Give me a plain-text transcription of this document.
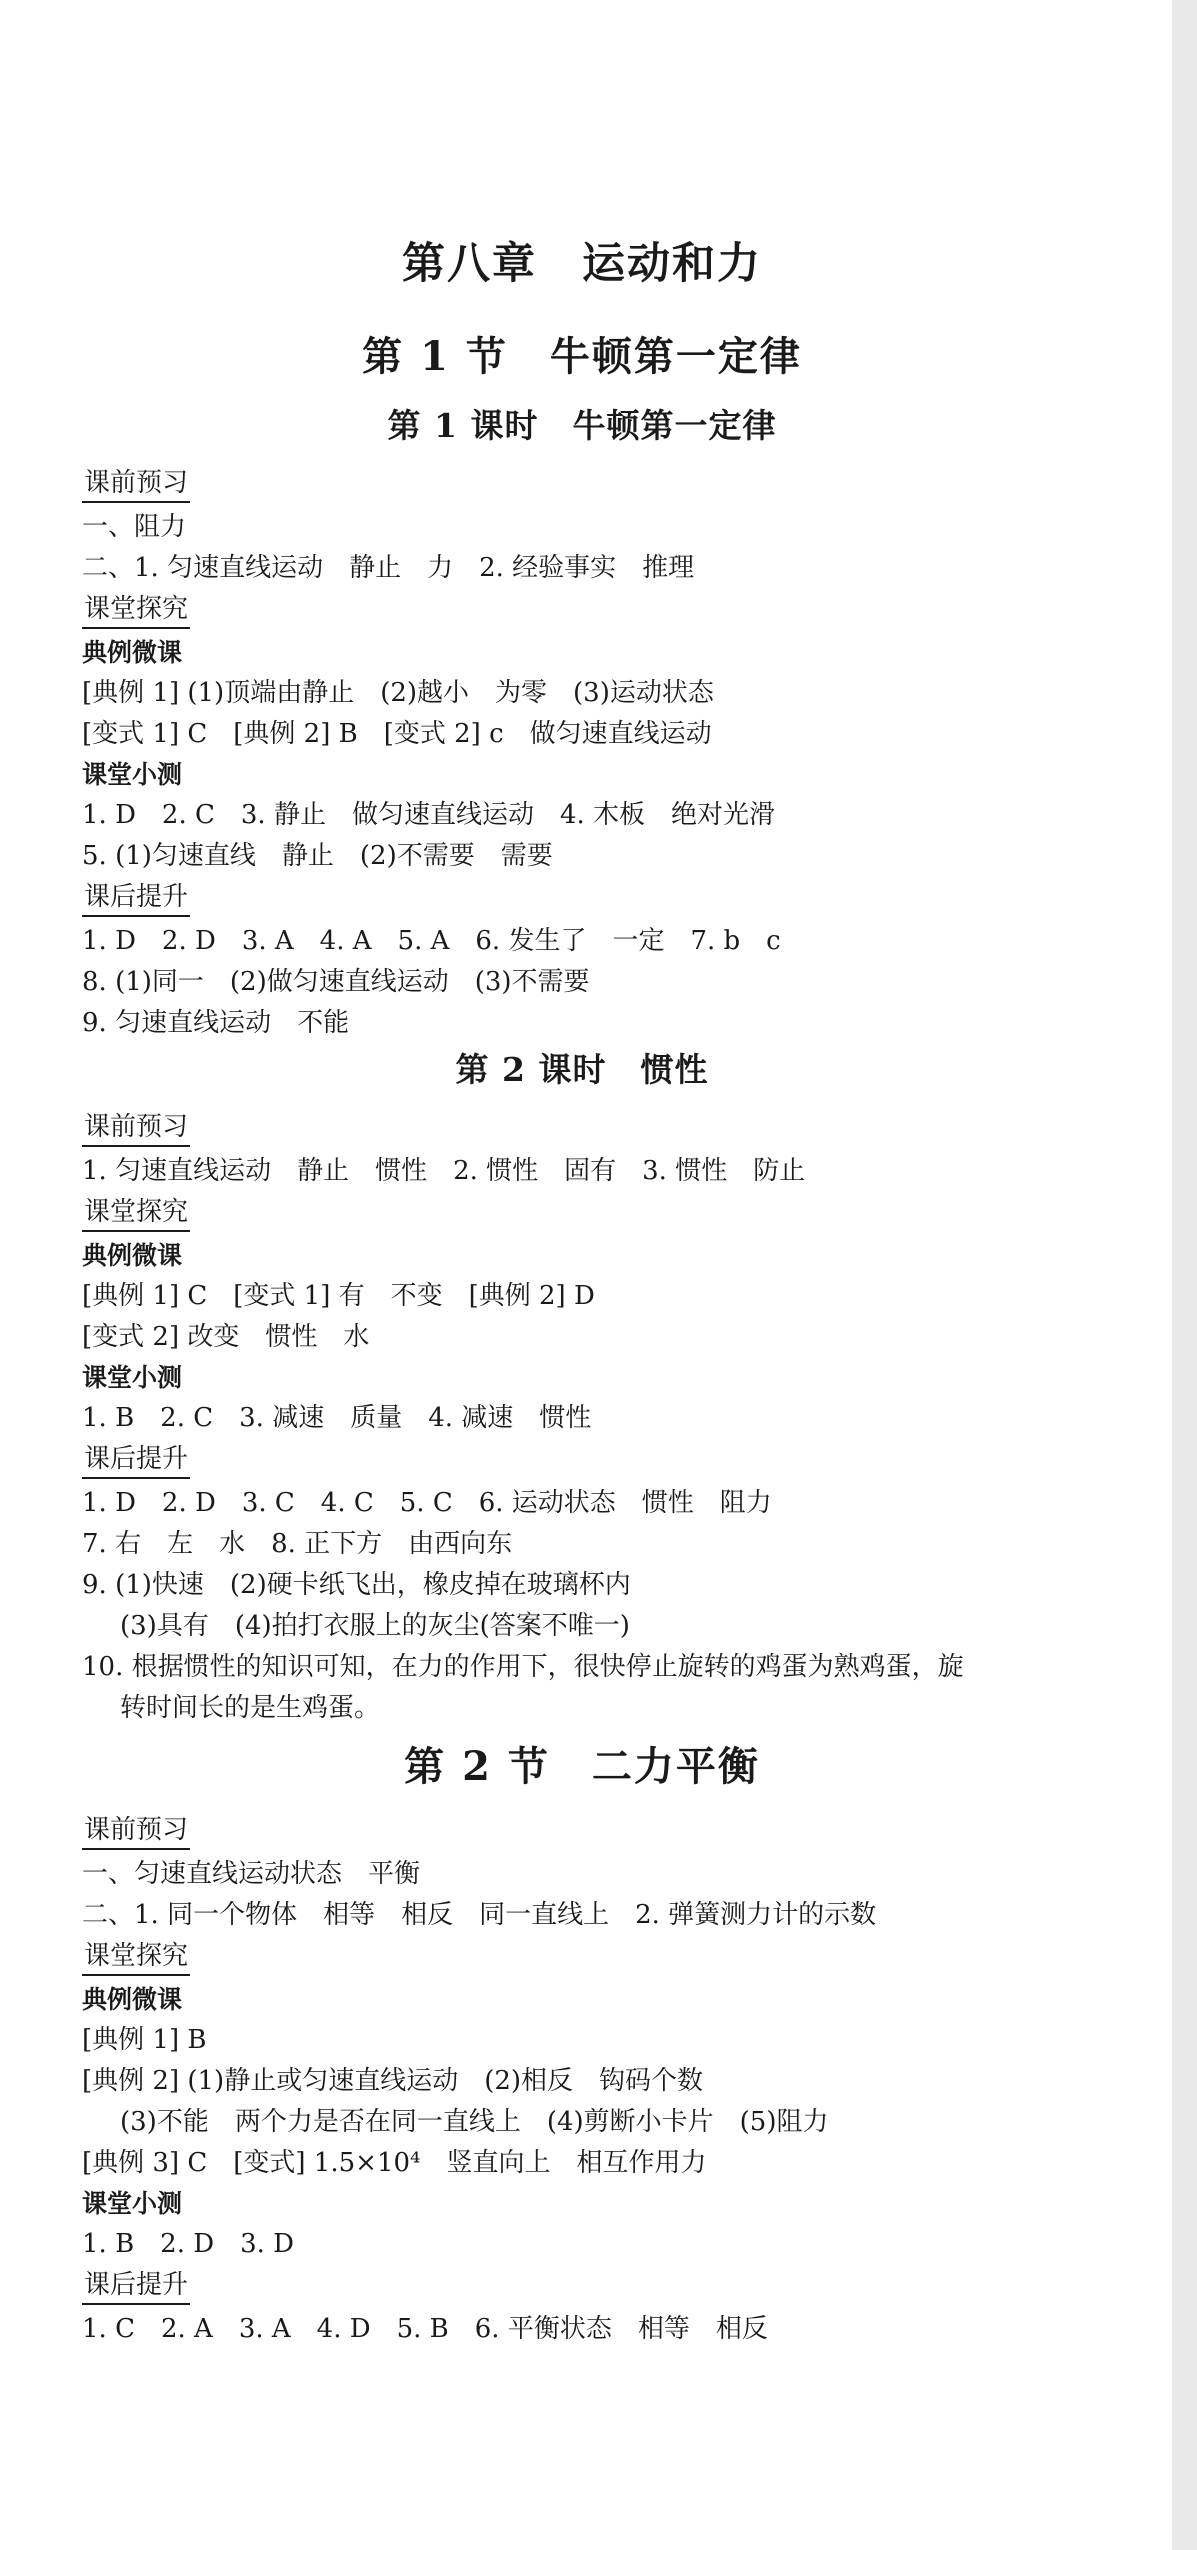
第八章　运动和力
第 1 节　牛顿第一定律
第 1 课时　牛顿第一定律
课前预习
一、阻力
二、1. 匀速直线运动　静止　力　2. 经验事实　推理
课堂探究
典例微课
[典例 1] (1)顶端由静止　(2)越小　为零　(3)运动状态
[变式 1] C　[典例 2] B　[变式 2] c　做匀速直线运动
课堂小测
1. D　2. C　3. 静止　做匀速直线运动　4. 木板　绝对光滑
5. (1)匀速直线　静止　(2)不需要　需要
课后提升
1. D　2. D　3. A　4. A　5. A　6. 发生了　一定　7. b　c
8. (1)同一　(2)做匀速直线运动　(3)不需要
9. 匀速直线运动　不能
第 2 课时　惯性
课前预习
1. 匀速直线运动　静止　惯性　2. 惯性　固有　3. 惯性　防止
课堂探究
典例微课
[典例 1] C　[变式 1] 有　不变　[典例 2] D
[变式 2] 改变　惯性　水
课堂小测
1. B　2. C　3. 减速　质量　4. 减速　惯性
课后提升
1. D　2. D　3. C　4. C　5. C　6. 运动状态　惯性　阻力
7. 右　左　水　8. 正下方　由西向东
9. (1)快速　(2)硬卡纸飞出，橡皮掉在玻璃杯内
(3)具有　(4)拍打衣服上的灰尘(答案不唯一)
10. 根据惯性的知识可知，在力的作用下，很快停止旋转的鸡蛋为熟鸡蛋，旋
转时间长的是生鸡蛋。
第 2 节　二力平衡
课前预习
一、匀速直线运动状态　平衡
二、1. 同一个物体　相等　相反　同一直线上　2. 弹簧测力计的示数
课堂探究
典例微课
[典例 1] B
[典例 2] (1)静止或匀速直线运动　(2)相反　钩码个数
(3)不能　两个力是否在同一直线上　(4)剪断小卡片　(5)阻力
[典例 3] C　[变式] 1.5×10⁴　竖直向上　相互作用力
课堂小测
1. B　2. D　3. D
课后提升
1. C　2. A　3. A　4. D　5. B　6. 平衡状态　相等　相反
